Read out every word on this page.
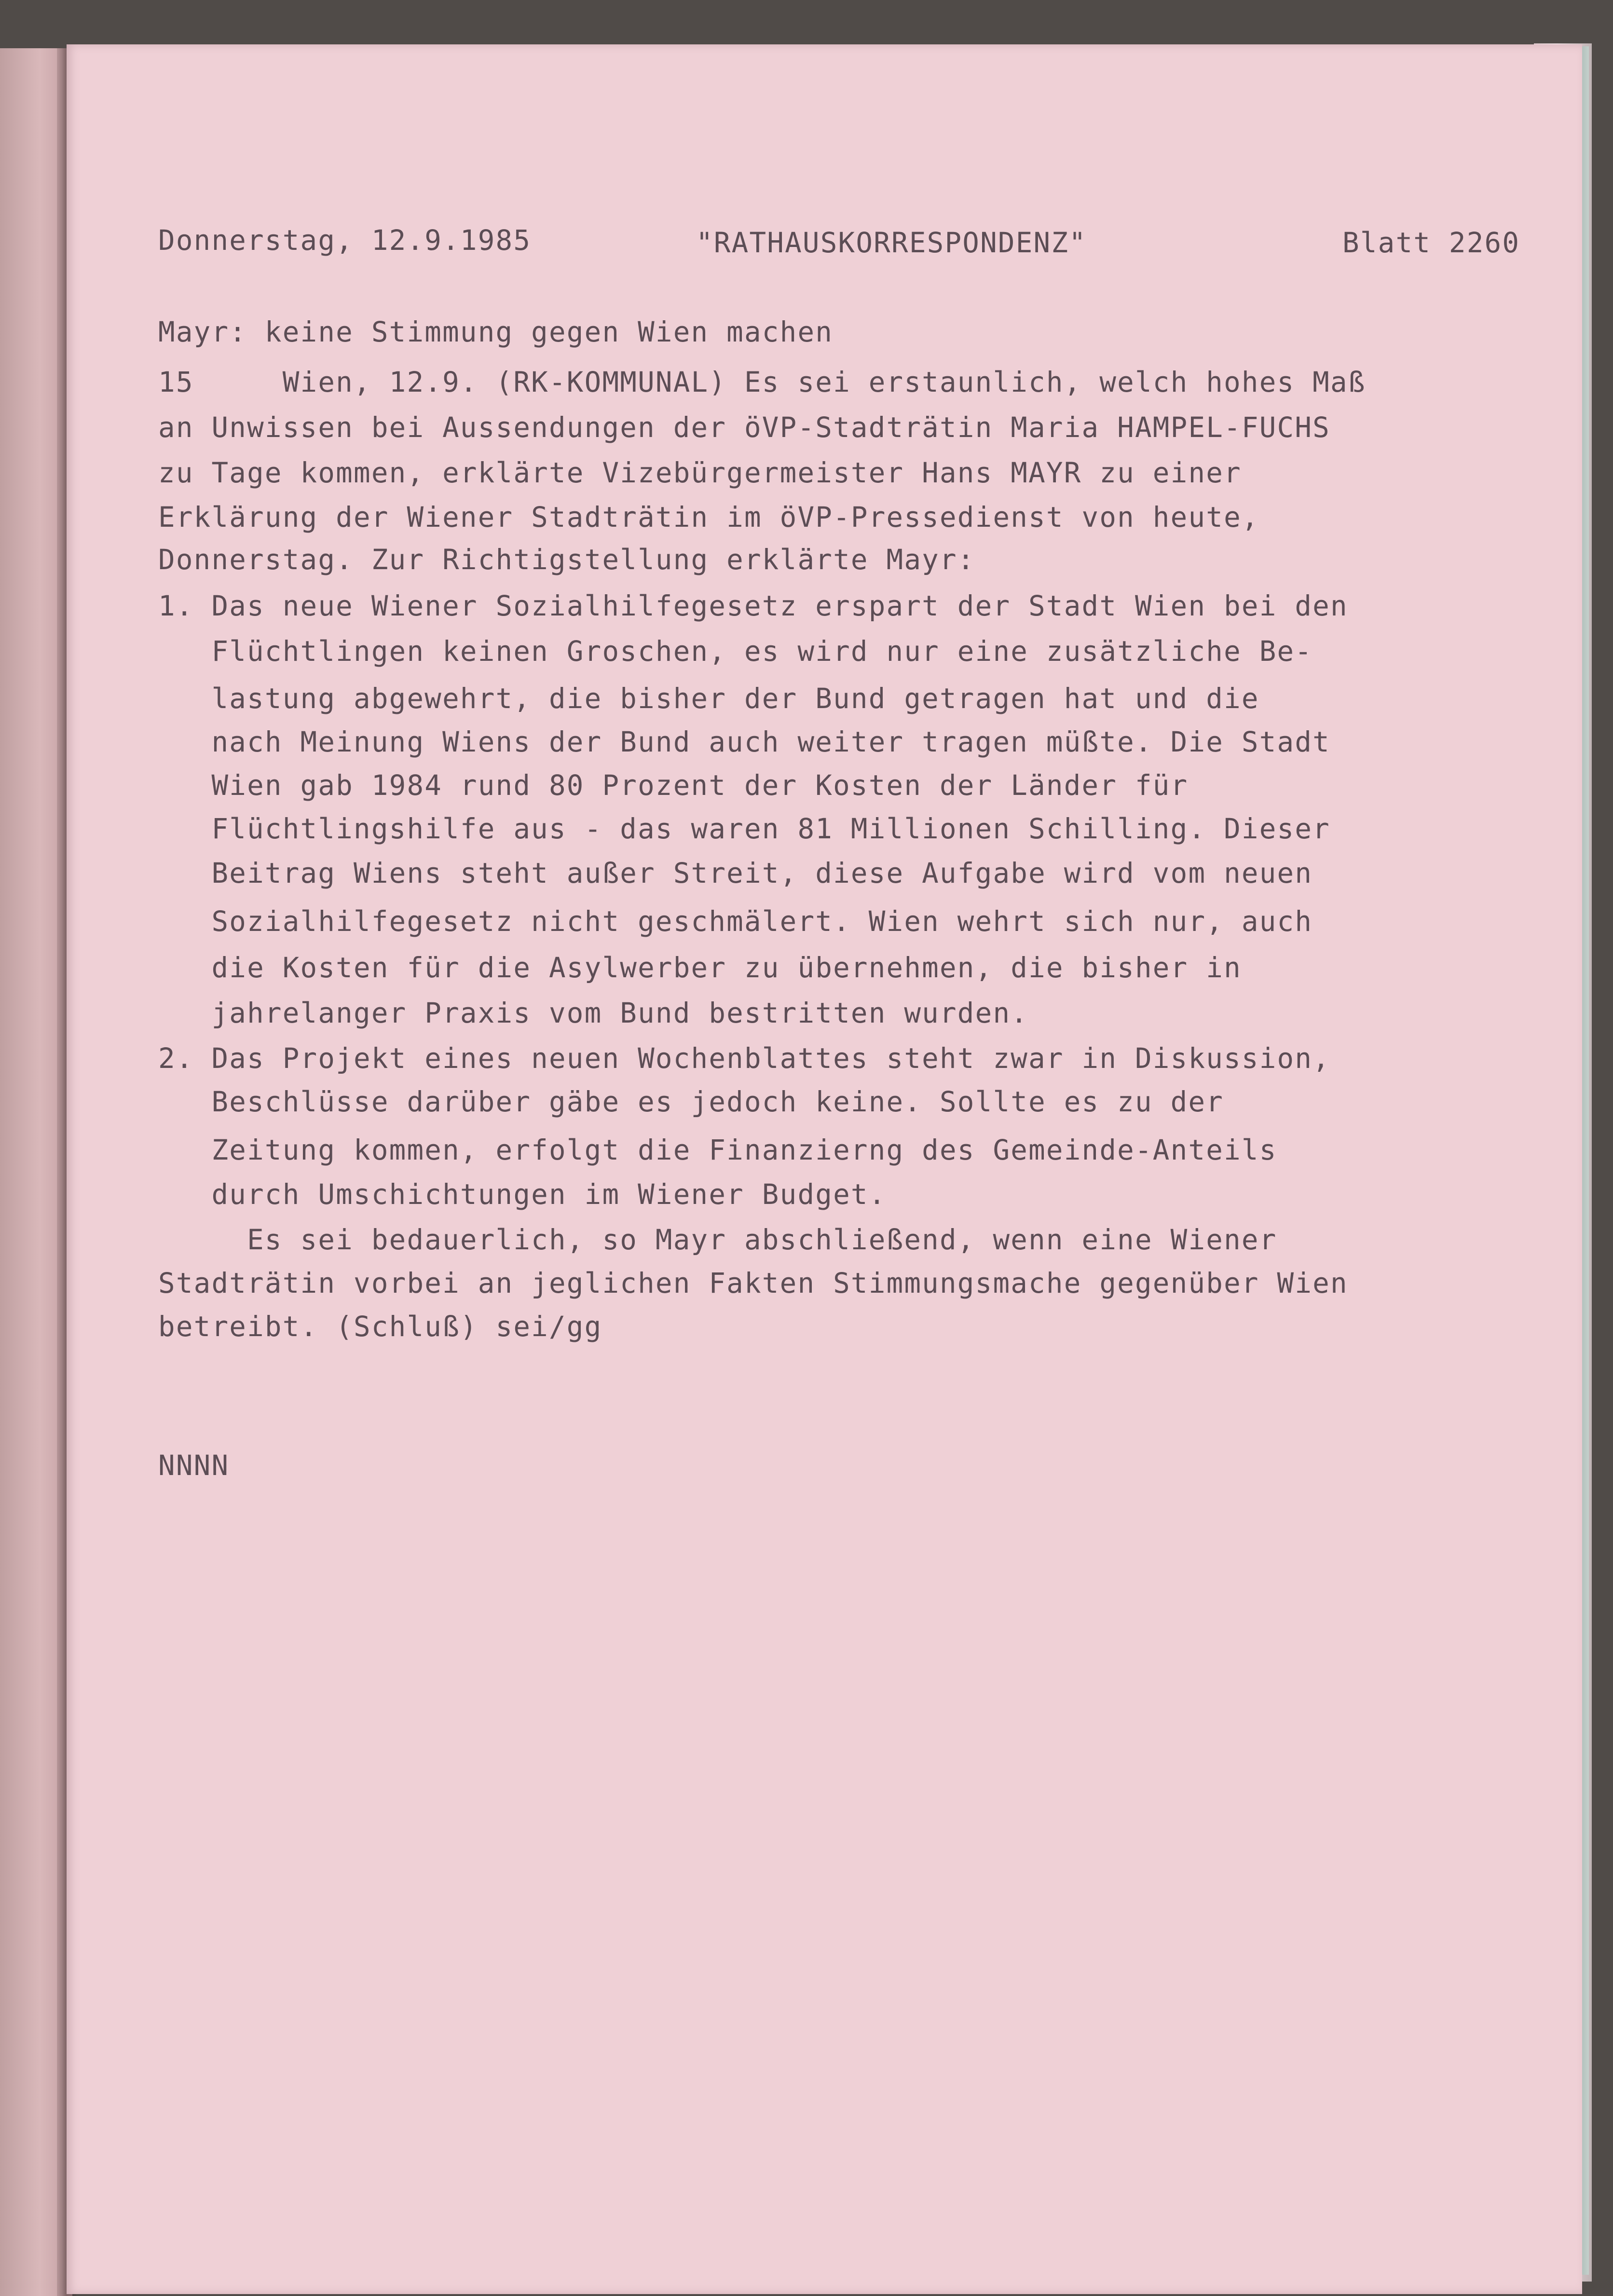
Donnerstag, 12.9.1985

	"RATHAUSKORRESPONDENZ"

	Blatt 2260

Mayr: keine Stimmung gegen Wien machen

15     Wien, 12.9. (RK-KOMMUNAL) Es sei erstaunlich, welch hohes Maß

an Unwissen bei Aussendungen der öVP-Stadträtin Maria HAMPEL-FUCHS

zu Tage kommen, erklärte Vizebürgermeister Hans MAYR zu einer

Erklärung der Wiener Stadträtin im öVP-Pressedienst von heute,

Donnerstag. Zur Richtigstellung erklärte Mayr:

1. Das neue Wiener Sozialhilfegesetz erspart der Stadt Wien bei den

Flüchtlingen keinen Groschen, es wird nur eine zusätzliche Be-

lastung abgewehrt, die bisher der Bund getragen hat und die

nach Meinung Wiens der Bund auch weiter tragen müßte. Die Stadt

Wien gab 1984 rund 80 Prozent der Kosten der Länder für

Flüchtlingshilfe aus - das waren 81 Millionen Schilling. Dieser

Beitrag Wiens steht außer Streit, diese Aufgabe wird vom neuen

Sozialhilfegesetz nicht geschmälert. Wien wehrt sich nur, auch

die Kosten für die Asylwerber zu übernehmen, die bisher in

jahrelanger Praxis vom Bund bestritten wurden.

2. Das Projekt eines neuen Wochenblattes steht zwar in Diskussion,

Beschlüsse darüber gäbe es jedoch keine. Sollte es zu der

Zeitung kommen, erfolgt die Finanzierng des Gemeinde-Anteils

durch Umschichtungen im Wiener Budget.

Es sei bedauerlich, so Mayr abschließend, wenn eine Wiener

Stadträtin vorbei an jeglichen Fakten Stimmungsmache gegenüber Wien

betreibt. (Schluß) sei/gg

NNNN
